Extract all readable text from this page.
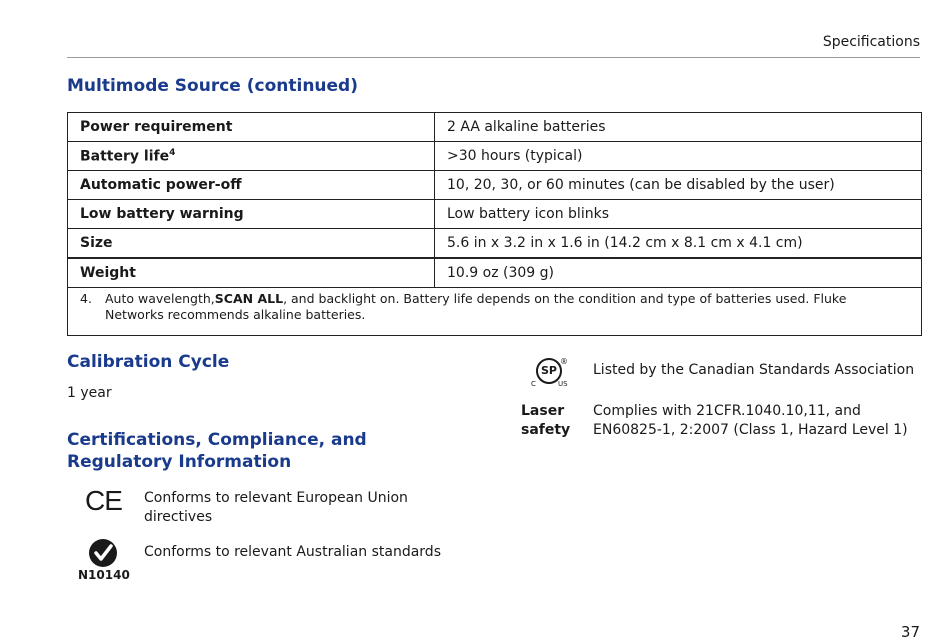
Specifications
Multimode Source (continued)
Power requirement	2 AA alkaline batteries
Battery life$^4$	>30 hours (typical)
Automatic power-off	10, 20, 30, or 60 minutes (can be disabled by the user)
Low battery warning	Low battery icon blinks
Size	5.6 in x 3.2 in x 1.6 in (14.2 cm x 8.1 cm x 4.1 cm)
Weight	10.9 oz (309 g)

4. Auto wavelength,SCAN ALL, and backlight on. Battery life depends on the condition and type of batteries used. Fluke Networks recommends alkaline batteries.	
Calibration Cycle

1 year

Certifications, Compliance, and Regulatory Information
CE Conforms to relevant European Union directives

N10140

Conforms to relevant Australian standards

SP
®
C	US

Listed by the Canadian Standards Association

Laser safety

Complies with 21CFR.1040.10,11, and EN60825-1, 2:2007 (Class 1, Hazard Level 1)

37
